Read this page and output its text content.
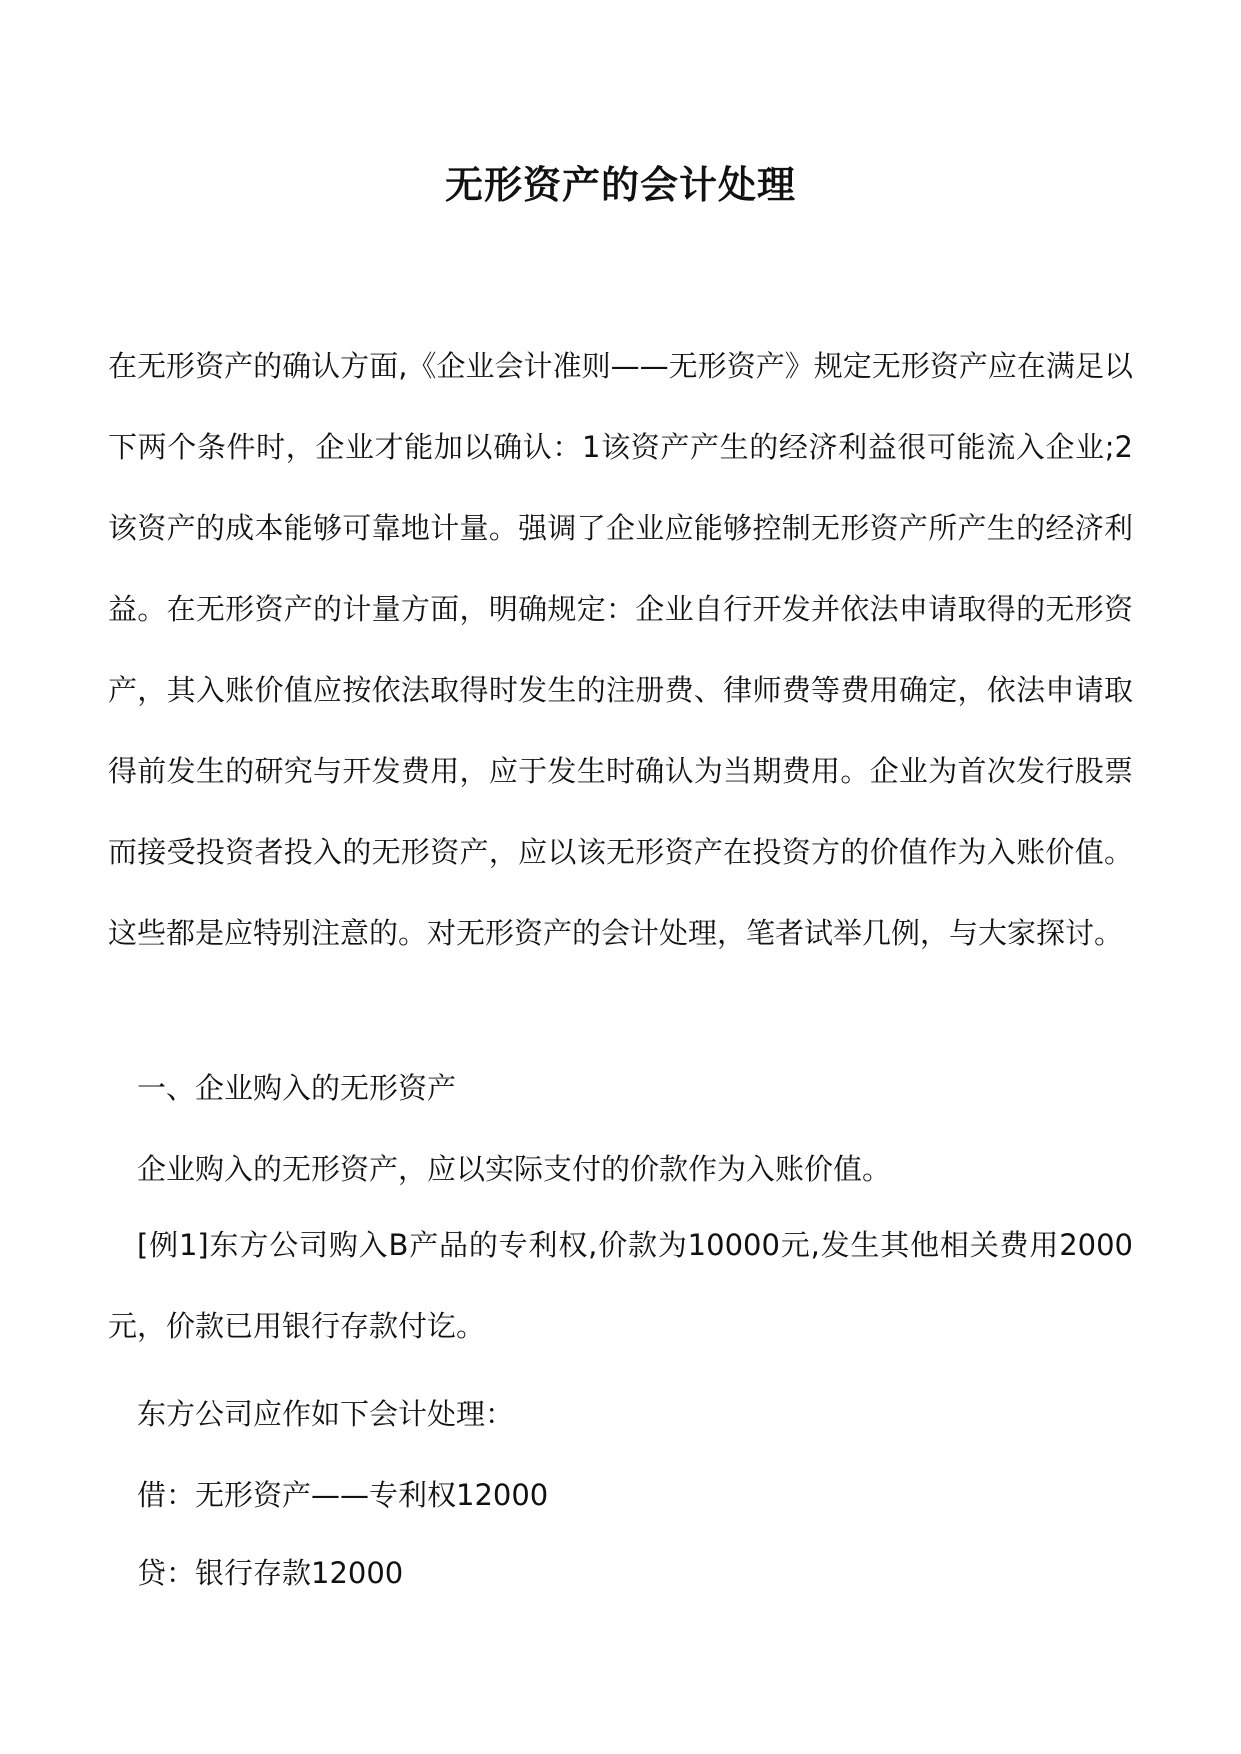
无形资产的会计处理

在无形资产的确认方面,《企业会计准则——无形资产》规定无形资产应在满足以下两个条件时，企业才能加以确认：1该资产产生的经济利益很可能流入企业;2该资产的成本能够可靠地计量。强调了企业应能够控制无形资产所产生的经济利益。在无形资产的计量方面，明确规定：企业自行开发并依法申请取得的无形资产，其入账价值应按依法取得时发生的注册费、律师费等费用确定，依法申请取得前发生的研究与开发费用，应于发生时确认为当期费用。企业为首次发行股票而接受投资者投入的无形资产，应以该无形资产在投资方的价值作为入账价值。这些都是应特别注意的。对无形资产的会计处理，笔者试举几例，与大家探讨。

一、企业购入的无形资产

企业购入的无形资产，应以实际支付的价款作为入账价值。

[例1]东方公司购入B产品的专利权,价款为10000元,发生其他相关费用2000元，价款已用银行存款付讫。

东方公司应作如下会计处理：

借：无形资产——专利权12000

贷：银行存款12000
